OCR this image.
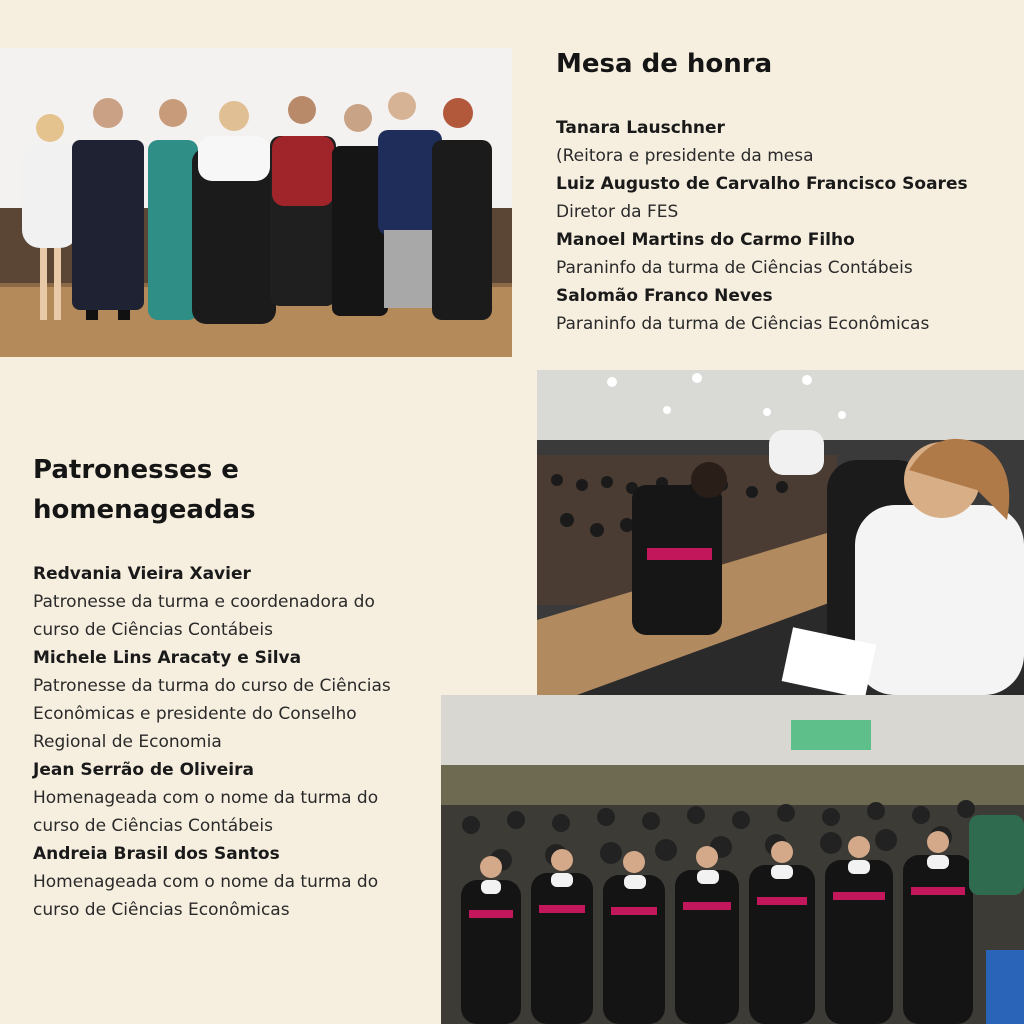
Mesa de honra
Tanara Lauschner
(Reitora e presidente da mesa
Luiz Augusto de Carvalho Francisco Soares
Diretor da FES
Manoel Martins do Carmo Filho
Paraninfo da turma de Ciências Contábeis
Salomão Franco Neves
Paraninfo da turma de Ciências Econômicas
Patronesses e homenageadas
Redvania Vieira Xavier
Patronesse da turma e coordenadora do curso de Ciências Contábeis
Michele Lins Aracaty e Silva
Patronesse da turma do curso de Ciências Econômicas e presidente do Conselho Regional de Economia
Jean Serrão de Oliveira
Homenageada com o nome da turma do curso de Ciências Contábeis
Andreia Brasil dos Santos
Homenageada com o nome da turma do curso de Ciências Econômicas
